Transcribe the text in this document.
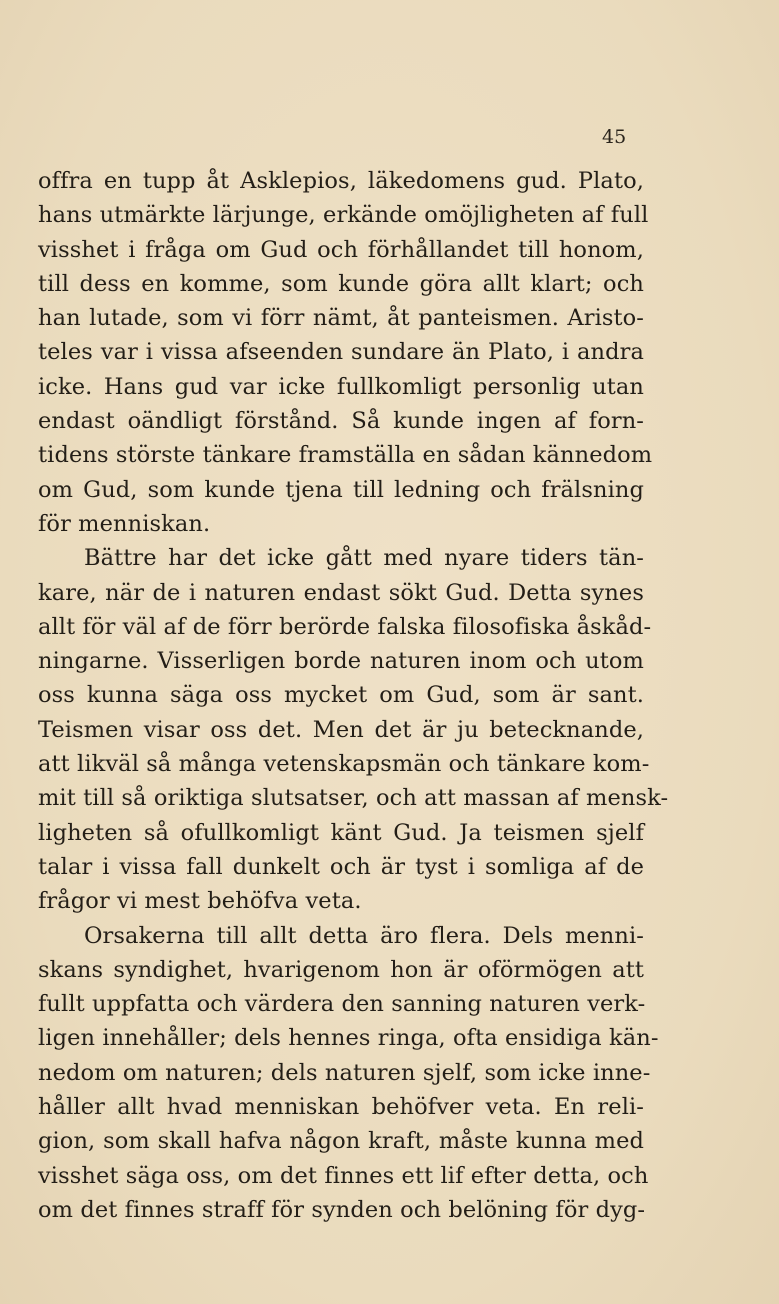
45
offra en tupp åt Asklepios, läkedomens gud. Plato,
hans utmärkte lärjunge, erkände omöjligheten af full
visshet i fråga om Gud och förhållandet till honom,
till dess en komme, som kunde göra allt klart; och
han lutade, som vi förr nämt, åt panteismen. Aristo-
teles var i vissa afseenden sundare än Plato, i andra
icke. Hans gud var icke fullkomligt personlig utan
endast oändligt förstånd. Så kunde ingen af forn-
tidens störste tänkare framställa en sådan kännedom
om Gud, som kunde tjena till ledning och frälsning
för menniskan.
Bättre har det icke gått med nyare tiders tän-
kare, när de i naturen endast sökt Gud. Detta synes
allt för väl af de förr berörde falska filosofiska åskåd-
ningarne. Visserligen borde naturen inom och utom
oss kunna säga oss mycket om Gud, som är sant.
Teismen visar oss det. Men det är ju betecknande,
att likväl så många vetenskapsmän och tänkare kom-
mit till så oriktiga slutsatser, och att massan af mensk-
ligheten så ofullkomligt känt Gud. Ja teismen sjelf
talar i vissa fall dunkelt och är tyst i somliga af de
frågor vi mest behöfva veta.
Orsakerna till allt detta äro flera. Dels menni-
skans syndighet, hvarigenom hon är oförmögen att
fullt uppfatta och värdera den sanning naturen verk-
ligen innehåller; dels hennes ringa, ofta ensidiga kän-
nedom om naturen; dels naturen sjelf, som icke inne-
håller allt hvad menniskan behöfver veta. En reli-
gion, som skall hafva någon kraft, måste kunna med
visshet säga oss, om det finnes ett lif efter detta, och
om det finnes straff för synden och belöning för dyg-
